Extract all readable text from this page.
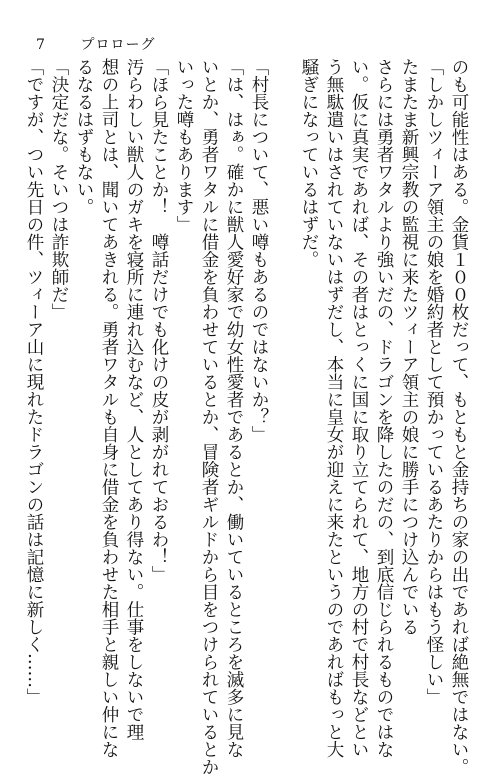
7	プロローグ
のも可能性はある。金貨１００枚だって、もともと金持ちの家の出であれば絶無ではない。
「しかしツィーア領主の娘を婚約者として預かっているあたりからはもう怪しい」
たまたま新興宗教の監視に来たツィーア領主の娘に勝手につけ込んでいる
さらには勇者ワタルより強いだの、ドラゴンを降したのだの、到底信じられるものではな
い。仮に真実であれば、その者はとっくに国に取り立てられて、地方の村で村長などとい
う無駄遣いはされていないはずだし、本当に皇女が迎えに来たというのであればもっと大
騒ぎになっているはずだ。
「村長について、悪い噂もあるのではないか？」
「は、はぁ。確かに獣人愛好家で幼女性愛者であるとか、働いているところを滅多に見な
いとか、勇者ワタルに借金を負わせているとか、冒険者ギルドから目をつけられているとか
いった噂もあります」
「ほら見たことか！　噂話だけでも化けの皮が剥がれておるわ！」
汚らわしい獣人のガキを寝所に連れ込むなど、人としてあり得ない。仕事をしないで理
想の上司とは、聞いてあきれる。勇者ワタルも自身に借金を負わせた相手と親しい仲にな
るなるはずもない。
「決定だな。そいつは詐欺師だ」
「ですが、つい先日の件、ツィーア山に現れたドラゴンの話は記憶に新しく……」
